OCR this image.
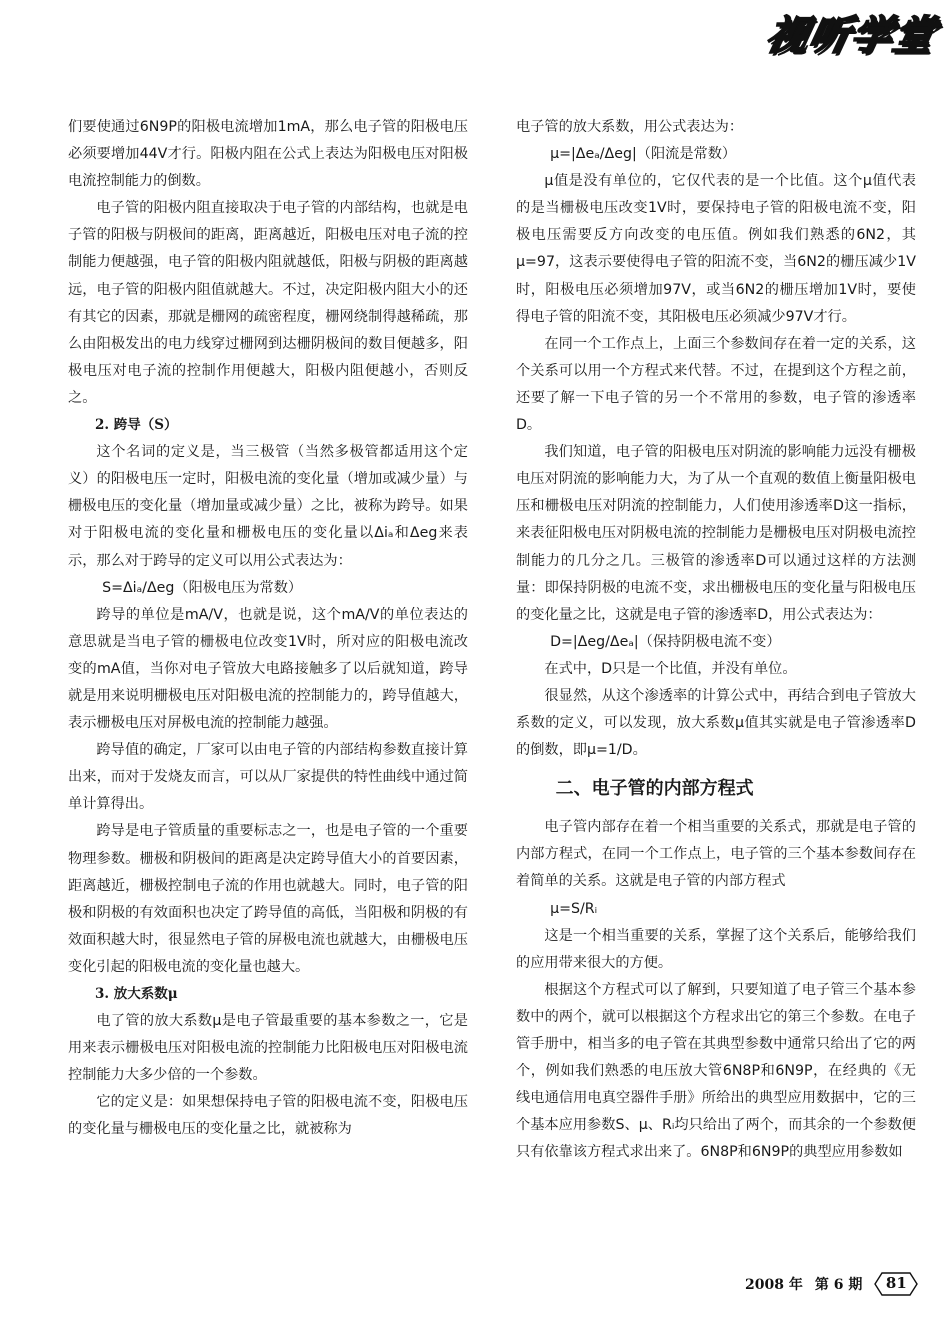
视听学堂

们要使通过6N9P的阳极电流增加1mA，那么电子管的阳极电压必须要增加44V才行。阳极内阻在公式上表达为阳极电压对阳极电流控制能力的倒数。

电子管的阳极内阻直接取决于电子管的内部结构，也就是电子管的阳极与阴极间的距离，距离越近，阳极电压对电子流的控制能力便越强，电子管的阳极内阻就越低，阳极与阴极的距离越远，电子管的阳极内阻值就越大。不过，决定阳极内阻大小的还有其它的因素，那就是栅网的疏密程度，栅网绕制得越稀疏，那么由阳极发出的电力线穿过栅网到达栅阴极间的数目便越多，阳极电压对电子流的控制作用便越大，阳极内阻便越小，否则反之。

2. 跨导（S）

这个名词的定义是，当三极管（当然多极管都适用这个定义）的阳极电压一定时，阳极电流的变化量（增加或减少量）与栅极电压的变化量（增加量或减少量）之比，被称为跨导。如果对于阳极电流的变化量和栅极电压的变化量以Δiₐ和Δeg来表示，那么对于跨导的定义可以用公式表达为：

S=Δiₐ/Δeg（阳极电压为常数）

跨导的单位是mA/V，也就是说，这个mA/V的单位表达的意思就是当电子管的栅极电位改变1V时，所对应的阳极电流改变的mA值，当你对电子管放大电路接触多了以后就知道，跨导就是用来说明栅极电压对阳极电流的控制能力的，跨导值越大，表示栅极电压对屏极电流的控制能力越强。

跨导值的确定，厂家可以由电子管的内部结构参数直接计算出来，而对于发烧友而言，可以从厂家提供的特性曲线中通过简单计算得出。

跨导是电子管质量的重要标志之一，也是电子管的一个重要物理参数。栅极和阴极间的距离是决定跨导值大小的首要因素，距离越近，栅极控制电子流的作用也就越大。同时，电子管的阳极和阴极的有效面积也决定了跨导值的高低，当阳极和阴极的有效面积越大时，很显然电子管的屏极电流也就越大，由栅极电压变化引起的阳极电流的变化量也越大。

3. 放大系数μ

电了管的放大系数μ是电子管最重要的基本参数之一，它是用来表示栅极电压对阳极电流的控制能力比阳极电压对阳极电流控制能力大多少倍的一个参数。

它的定义是：如果想保持电子管的阳极电流不变，阳极电压的变化量与栅极电压的变化量之比，就被称为

电子管的放大系数，用公式表达为：

μ=|Δeₐ/Δeg|（阳流是常数）

μ值是没有单位的，它仅代表的是一个比值。这个μ值代表的是当栅极电压改变1V时，要保持电子管的阳极电流不变，阳极电压需要反方向改变的电压值。例如我们熟悉的6N2，其μ=97，这表示要使得电子管的阳流不变，当6N2的栅压减少1V时，阳极电压必须增加97V，或当6N2的栅压增加1V时，要使得电子管的阳流不变，其阳极电压必须减少97V才行。

在同一个工作点上，上面三个参数间存在着一定的关系，这个关系可以用一个方程式来代替。不过，在提到这个方程之前，还要了解一下电子管的另一个不常用的参数，电子管的渗透率D。

我们知道，电子管的阳极电压对阴流的影响能力远没有栅极电压对阴流的影响能力大，为了从一个直观的数值上衡量阳极电压和栅极电压对阴流的控制能力，人们使用渗透率D这一指标，来表征阳极电压对阴极电流的控制能力是栅极电压对阴极电流控制能力的几分之几。三极管的渗透率D可以通过这样的方法测量：即保持阴极的电流不变，求出栅极电压的变化量与阳极电压的变化量之比，这就是电子管的渗透率D，用公式表达为：

D=|Δeg/Δeₐ|（保持阴极电流不变）

在式中，D只是一个比值，并没有单位。

很显然，从这个渗透率的计算公式中，再结合到电子管放大系数的定义，可以发现，放大系数μ值其实就是电子管渗透率D的倒数，即μ=1/D。

二、电子管的内部方程式

电子管内部存在着一个相当重要的关系式，那就是电子管的内部方程式，在同一个工作点上，电子管的三个基本参数间存在着简单的关系。这就是电子管的内部方程式

μ=S/Rᵢ

这是一个相当重要的关系，掌握了这个关系后，能够给我们的应用带来很大的方便。

根据这个方程式可以了解到，只要知道了电子管三个基本参数中的两个，就可以根据这个方程求出它的第三个参数。在电子管手册中，相当多的电子管在其典型参数中通常只给出了它的两个，例如我们熟悉的电压放大管6N8P和6N9P，在经典的《无线电通信用电真空器件手册》所给出的典型应用数据中，它的三个基本应用参数S、μ、Rᵢ均只给出了两个，而其余的一个参数便只有依靠该方程式求出来了。6N8P和6N9P的典型应用参数如

2008 年 第 6 期	81
